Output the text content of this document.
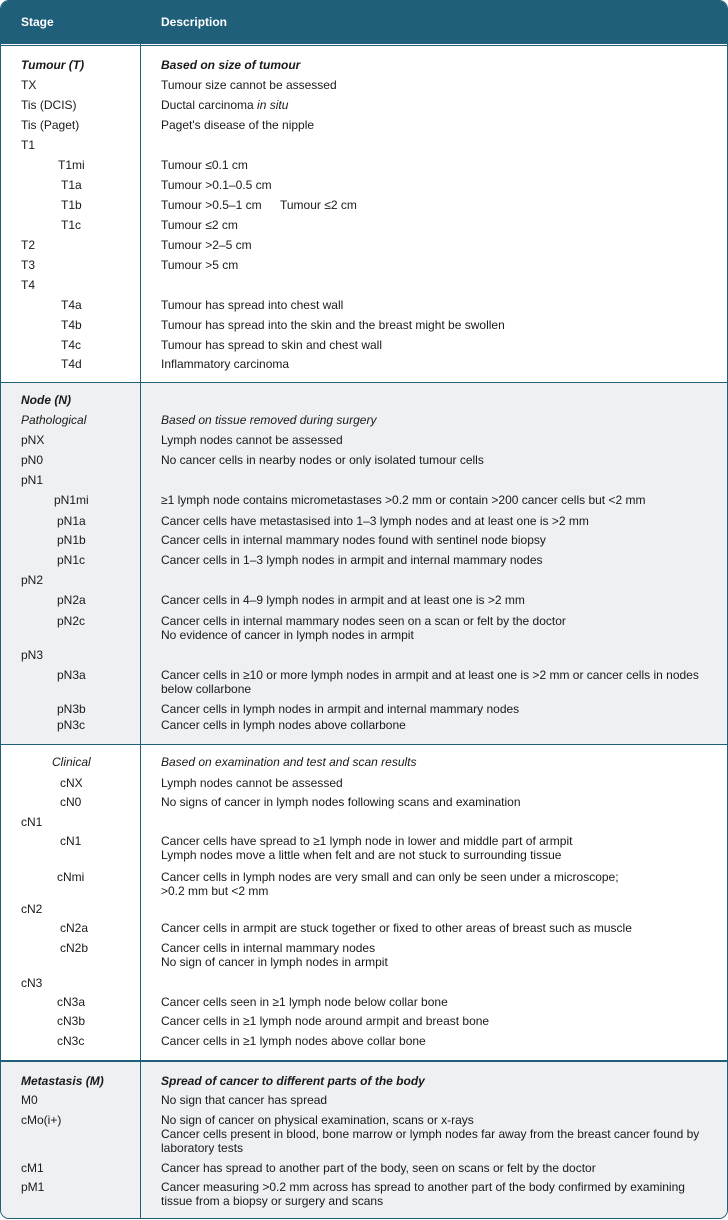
Stage	Description
Tumour (T)	Based on size of tumour
TX	Tumour size cannot be assessed
Tis (DCIS)	Ductal carcinoma in situ
Tis (Paget)	Paget's disease of the nipple
T1
T1mi	Tumour ≤0.1 cm
T1a	Tumour >0.1–0.5 cm
T1b	Tumour >0.5–1 cm	Tumour ≤2 cm
T1c	Tumour ≤2 cm
T2	Tumour >2–5 cm
T3	Tumour >5 cm
T4
T4a	Tumour has spread into chest wall
T4b	Tumour has spread into the skin and the breast might be swollen
T4c	Tumour has spread to skin and chest wall
T4d	Inflammatory carcinoma
Node (N)
Pathological	Based on tissue removed during surgery
pNX	Lymph nodes cannot be assessed
pN0	No cancer cells in nearby nodes or only isolated tumour cells
pN1
pN1mi	≥1 lymph node contains micrometastases >0.2 mm or contain >200 cancer cells but <2 mm
pN1a	Cancer cells have metastasised into 1–3 lymph nodes and at least one is >2 mm
pN1b	Cancer cells in internal mammary nodes found with sentinel node biopsy
pN1c	Cancer cells in 1–3 lymph nodes in armpit and internal mammary nodes
pN2
pN2a	Cancer cells in 4–9 lymph nodes in armpit and at least one is >2 mm
pN2c	Cancer cells in internal mammary nodes seen on a scan or felt by the doctor
No evidence of cancer in lymph nodes in armpit
pN3
pN3a	Cancer cells in ≥10 or more lymph nodes in armpit and at least one is >2 mm or cancer cells in nodes
below collarbone
pN3b	Cancer cells in lymph nodes in armpit and internal mammary nodes
pN3c	Cancer cells in lymph nodes above collarbone
Clinical	Based on examination and test and scan results
cNX	Lymph nodes cannot be assessed
cN0	No signs of cancer in lymph nodes following scans and examination
cN1
cN1	Cancer cells have spread to ≥1 lymph node in lower and middle part of armpit
Lymph nodes move a little when felt and are not stuck to surrounding tissue
cNmi	Cancer cells in lymph nodes are very small and can only be seen under a microscope;
>0.2 mm but <2 mm
cN2
cN2a	Cancer cells in armpit are stuck together or fixed to other areas of breast such as muscle
cN2b	Cancer cells in internal mammary nodes
No sign of cancer in lymph nodes in armpit
cN3
cN3a	Cancer cells seen in ≥1 lymph node below collar bone
cN3b	Cancer cells in ≥1 lymph node around armpit and breast bone
cN3c	Cancer cells in ≥1 lymph nodes above collar bone
Metastasis (M)	Spread of cancer to different parts of the body
M0	No sign that cancer has spread
cMo(i+)	No sign of cancer on physical examination, scans or x-rays
Cancer cells present in blood, bone marrow or lymph nodes far away from the breast cancer found by
laboratory tests
cM1	Cancer has spread to another part of the body, seen on scans or felt by the doctor
pM1	Cancer measuring >0.2 mm across has spread to another part of the body confirmed by examining
tissue from a biopsy or surgery and scans
